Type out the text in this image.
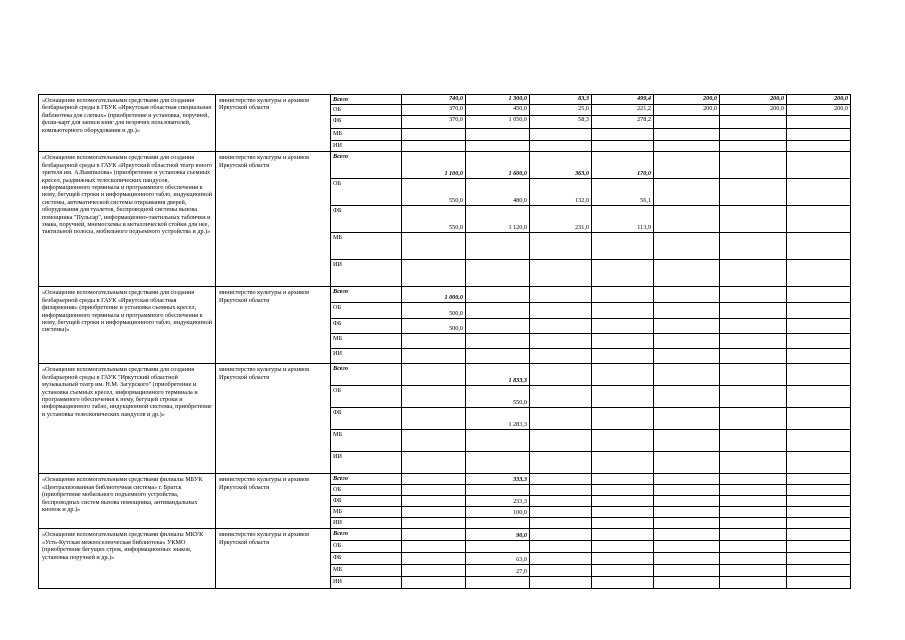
«Оснащение вспомогательными средствами для создания безбарьерной среды в ГБУК «Иркутская областная специальная библиотека для слепых» (приобретение и установка, поручней, флэш-карт для записи книг для незрячих пользователей, компьютерного оборудования и др.)»	министерство культуры и архивов Иркутской области	Всего	740,0	1 300,0	83,3	499,4	200,0	200,0	200,0
		ОБ	370,0	450,0	25,0	221,2	200,0	200,0	200,0
		ФБ	370,0	1 050,0	58,3	278,2			
		МБ							
		ИИ							
«Оснащение вспомогательными средствами для создания безбарьерной среды в ГАУК «Иркутский областной театр юного зрителя им. А.Вампилова» (приобретение и установка съемных кресел, раздвижных телескопических пандусов, информационного терминала и программного обеспечения к нему, бегущей строки и информационного табло, индукционной системы, автоматической системы открывания дверей, оборудования для туалетов, беспроводной системы вызова помощника "Пульсар", информационно-тактильных таблички и знака, поручней, мнемосхемы и металлической стойки для нее, тактильной полосы, мобильного подъемного устройства и др.)»	министерство культуры и архивов Иркутской области	Всего	1 100,0	1 600,0	363,0	170,0			
		ОБ	550,0	480,0	132,0	56,1			
		ФБ	550,0	1 120,0	231,0	113,9			
		МБ							
		ИИ							
«Оснащение вспомогательными средствами для создания безбарьерной среды в ГАУК «Иркутская областная филармония» (приобретение и установка съемных кресел, информационного терминала и программного обеспечения к нему, бегущей строки и информационного табло, индукционной системы)»	министерство культуры и архивов Иркутской области	Всего	1 000,0						
		ОБ	500,0						
		ФБ	500,0						
		МБ							
		ИИ							
«Оснащение вспомогательными средствами для создания безбарьерной среды в ГАУК "Иркутский областной музыкальный театр им. Н.М. Загурского" (приобретение и установка съемных кресел, информационного терминала и программного обеспечения к нему, бегущей строки и информационного табло, индукционной системы, приобретение и установка телескопических пандусов и др.)»	министерство культуры и архивов Иркутской области	Всего		1 833,3					
		ОБ		550,0					
		ФБ		1 283,3					
		МБ							
		ИИ							
«Оснащение вспомогательными средствами филиалы МБУК «Централизованная библиотечная система» г. Братск (приобретение мобильного подъемного устройства, беспроводных систем вызова помощника, антивандальных кнопок и др.)»	министерство культуры и архивов Иркутской области	Всего		333,3					
		ОБ							
		ФБ		233,3					
		МБ		100,0					
		ИИ							
«Оснащение вспомогательными средствами филиалы МКУК «Усть-Кутская межпоселенческая библиотека» УКМО (приобретение бегущих строк, информационных знаков, установка поручней и др.)»	министерство культуры и архивов Иркутской области	Всего		90,0					
		ОБ							
		ФБ		63,0					
		МБ		27,0					
		ИИ							
